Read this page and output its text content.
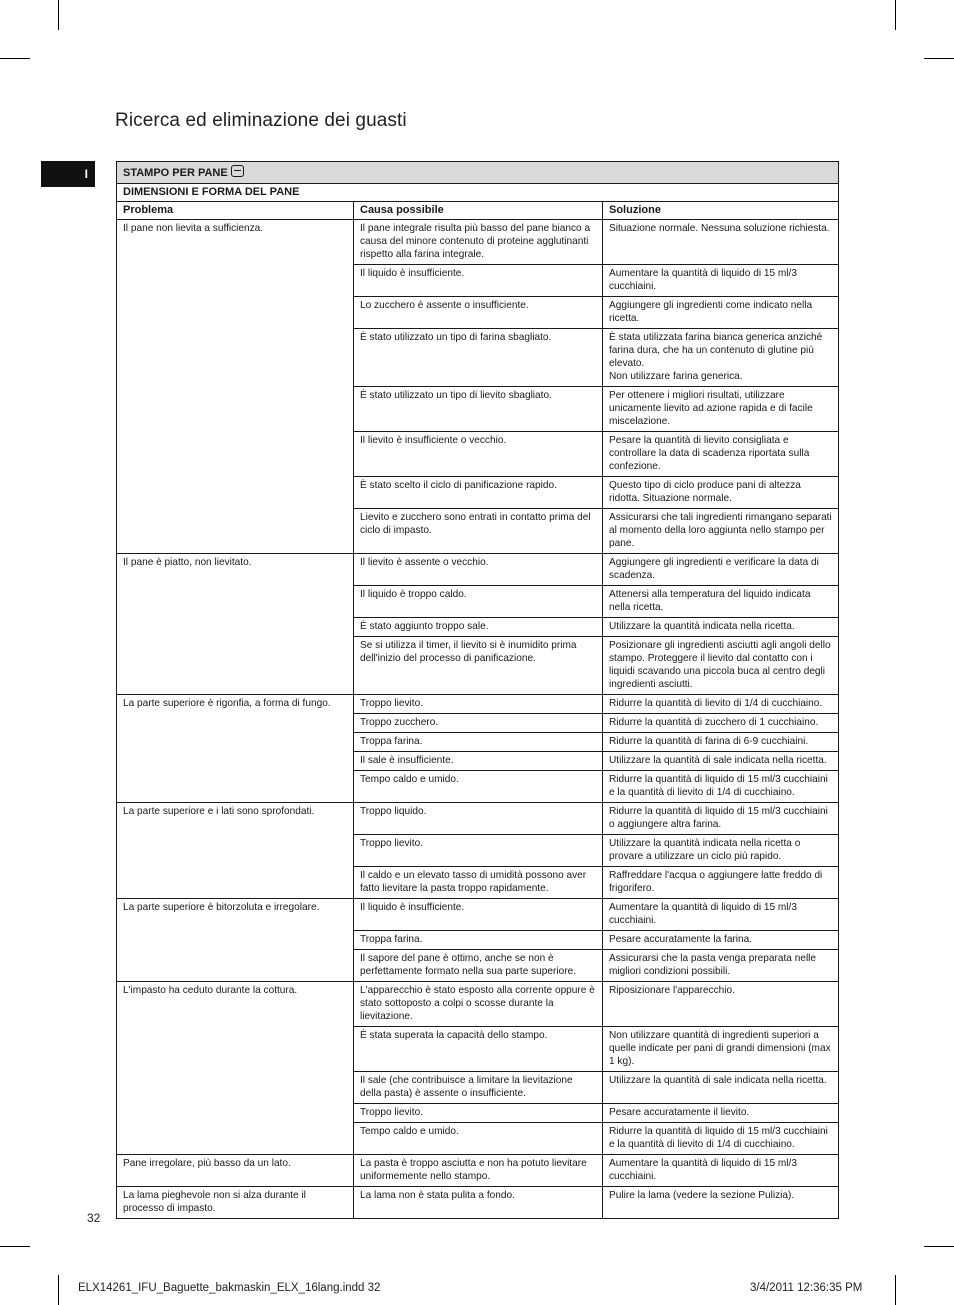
Ricerca ed eliminazione dei guasti
I	STAMPO PER PANE		
DIMENSIONI E FORMA DEL PANE		
Problema	Causa possibile	Soluzione
Il pane non lievita a sufficienza.	Il pane integrale risulta più basso del pane bianco a causa del minore contenuto di proteine agglutinanti rispetto alla farina integrale.	Situazione normale. Nessuna soluzione richiesta.
	Il liquido è insufficiente.	Aumentare la quantità di liquido di 15 ml/3 cucchiaini.
	Lo zucchero è assente o insufficiente.	Aggiungere gli ingredienti come indicato nella ricetta.
	È stato utilizzato un tipo di farina sbagliato.	È stata utilizzata farina bianca generica anziché farina dura, che ha un contenuto di glutine più elevato.
Non utilizzare farina generica.
	È stato utilizzato un tipo di lievito sbagliato.	Per ottenere i migliori risultati, utilizzare unicamente lievito ad azione rapida e di facile miscelazione.
	Il lievito è insufficiente o vecchio.	Pesare la quantità di lievito consigliata e controllare la data di scadenza riportata sulla confezione.
	È stato scelto il ciclo di panificazione rapido.	Questo tipo di ciclo produce pani di altezza ridotta. Situazione normale.
	Lievito e zucchero sono entrati in contatto prima del ciclo di impasto.	Assicurarsi che tali ingredienti rimangano separati al momento della loro aggiunta nello stampo per pane.
Il pane è piatto, non lievitato.	Il lievito è assente o vecchio.	Aggiungere gli ingredienti e verificare la data di scadenza.
	Il liquido è troppo caldo.	Attenersi alla temperatura del liquido indicata nella ricetta.
	È stato aggiunto troppo sale.	Utilizzare la quantità indicata nella ricetta.
	Se si utilizza il timer, il lievito si è inumidito prima dell'inizio del processo di panificazione.	Posizionare gli ingredienti asciutti agli angoli dello stampo. Proteggere il lievito dal contatto con i liquidi scavando una piccola buca al centro degli ingredienti asciutti.
La parte superiore è rigonfia, a forma di fungo.	Troppo lievito.	Ridurre la quantità di lievito di 1/4 di cucchiaino.
	Troppo zucchero.	Ridurre la quantità di zucchero di 1 cucchiaino.
	Troppa farina.	Ridurre la quantità di farina di 6-9 cucchiaini.
	Il sale è insufficiente.	Utilizzare la quantità di sale indicata nella ricetta.
	Tempo caldo e umido.	Ridurre la quantità di liquido di 15 ml/3 cucchiaini e la quantità di lievito di 1/4 di cucchiaino.
La parte superiore e i lati sono sprofondati.	Troppo liquido.	Ridurre la quantità di liquido di 15 ml/3 cucchiaini o aggiungere altra farina.
	Troppo lievito.	Utilizzare la quantità indicata nella ricetta o provare a utilizzare un ciclo più rapido.
	Il caldo e un elevato tasso di umidità possono aver fatto lievitare la pasta troppo rapidamente.	Raffreddare l'acqua o aggiungere latte freddo di frigorifero.
La parte superiore è bitorzoluta e irregolare.	Il liquido è insufficiente.	Aumentare la quantità di liquido di 15 ml/3 cucchiaini.
	Troppa farina.	Pesare accuratamente la farina.
	Il sapore del pane è ottimo, anche se non è perfettamente formato nella sua parte superiore.	Assicurarsi che la pasta venga preparata nelle migliori condizioni possibili.
L'impasto ha ceduto durante la cottura.	L'apparecchio è stato esposto alla corrente oppure è stato sottoposto a colpi o scosse durante la lievitazione.	Riposizionare l'apparecchio.
	È stata superata la capacità dello stampo.	Non utilizzare quantità di ingredienti superiori a quelle indicate per pani di grandi dimensioni (max 1 kg).
	Il sale (che contribuisce a limitare la lievitazione della pasta) è assente o insufficiente.	Utilizzare la quantità di sale indicata nella ricetta.
	Troppo lievito.	Pesare accuratamente il lievito.
	Tempo caldo e umido.	Ridurre la quantità di liquido di 15 ml/3 cucchiaini e la quantità di lievito di 1/4 di cucchiaino.
Pane irregolare, più basso da un lato.	La pasta è troppo asciutta e non ha potuto lievitare uniformemente nello stampo.	Aumentare la quantità di liquido di 15 ml/3 cucchiaini.
La lama pieghevole non si alza durante il processo di impasto.	La lama non è stata pulita a fondo.	Pulire la lama (vedere la sezione Pulizia).
32
ELX14261_IFU_Baguette_bakmaskin_ELX_16lang.indd 32	3/4/2011 12:36:35 PM
